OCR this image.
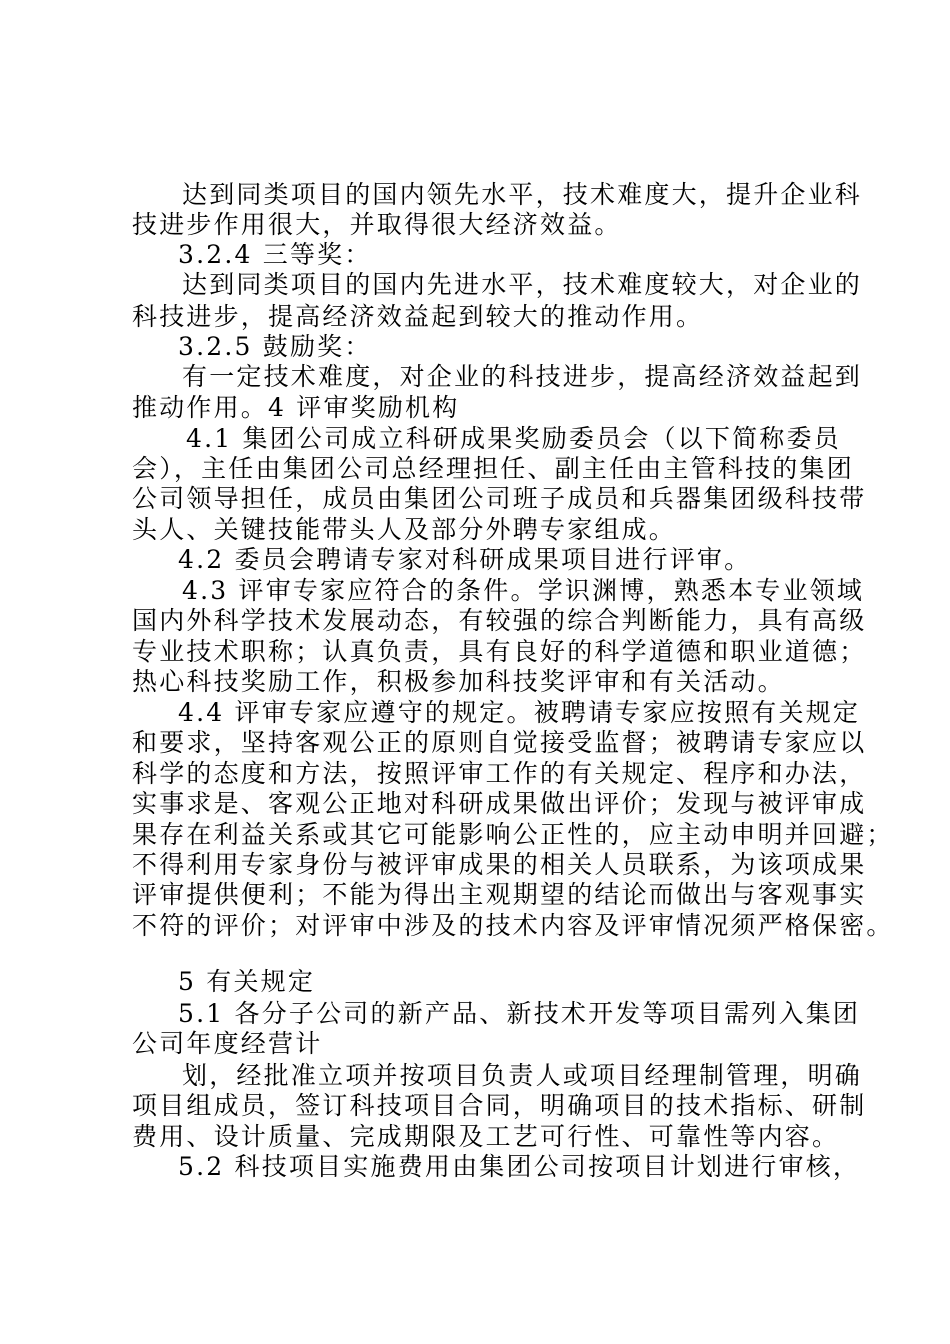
达到同类项目的国内领先水平，技术难度大，提升企业科
技进步作用很大，并取得很大经济效益。
3.2.4 三等奖：
达到同类项目的国内先进水平，技术难度较大，对企业的
科技进步，提高经济效益起到较大的推动作用。
3.2.5 鼓励奖：
有一定技术难度，对企业的科技进步，提高经济效益起到
推动作用。4 评审奖励机构
4.1 集团公司成立科研成果奖励委员会（以下简称委员
会），主任由集团公司总经理担任、副主任由主管科技的集团
公司领导担任，成员由集团公司班子成员和兵器集团级科技带
头人、关键技能带头人及部分外聘专家组成。
4.2 委员会聘请专家对科研成果项目进行评审。
4.3 评审专家应符合的条件。学识渊博，熟悉本专业领域
国内外科学技术发展动态，有较强的综合判断能力，具有高级
专业技术职称；认真负责，具有良好的科学道德和职业道德；
热心科技奖励工作，积极参加科技奖评审和有关活动。
4.4 评审专家应遵守的规定。被聘请专家应按照有关规定
和要求，坚持客观公正的原则自觉接受监督；被聘请专家应以
科学的态度和方法，按照评审工作的有关规定、程序和办法，
实事求是、客观公正地对科研成果做出评价；发现与被评审成
果存在利益关系或其它可能影响公正性的，应主动申明并回避；
不得利用专家身份与被评审成果的相关人员联系，为该项成果
评审提供便利；不能为得出主观期望的结论而做出与客观事实
不符的评价；对评审中涉及的技术内容及评审情况须严格保密。
5 有关规定
5.1 各分子公司的新产品、新技术开发等项目需列入集团
公司年度经营计
划，经批准立项并按项目负责人或项目经理制管理，明确
项目组成员，签订科技项目合同，明确项目的技术指标、研制
费用、设计质量、完成期限及工艺可行性、可靠性等内容。
5.2 科技项目实施费用由集团公司按项目计划进行审核，
